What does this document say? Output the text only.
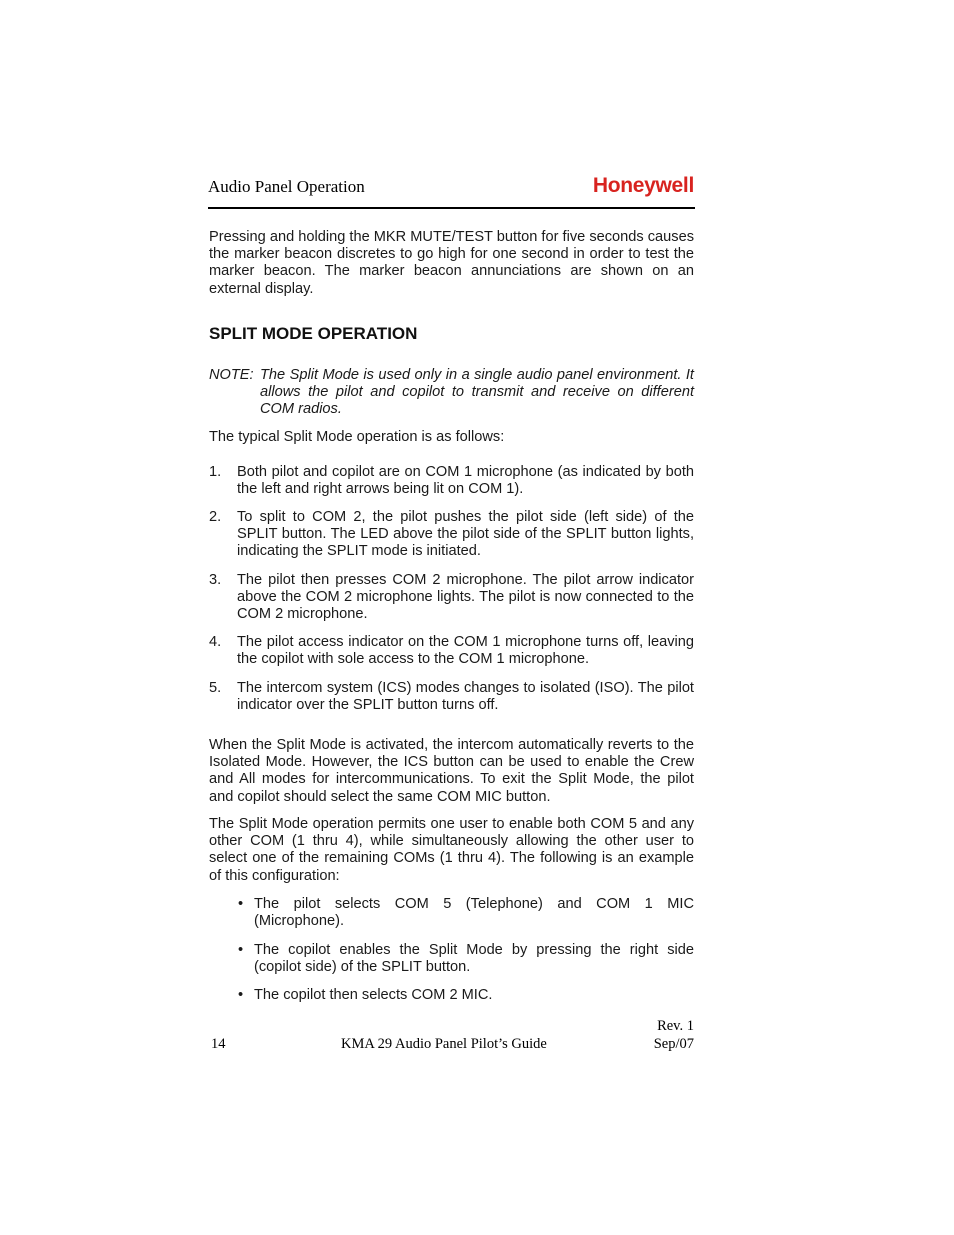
Audio Panel Operation	Honeywell

Pressing and holding the MKR MUTE/TEST button for five seconds causes the marker beacon discretes to go high for one second in order to test the marker beacon. The marker beacon annunciations are shown on an external display.

SPLIT MODE OPERATION
NOTE: The Split Mode is used only in a single audio panel environment. It allows the pilot and copilot to transmit and receive on different COM radios.

The typical Split Mode operation is as follows:

1. Both pilot and copilot are on COM 1 microphone (as indicated by both the left and right arrows being lit on COM 1).
2. To split to COM 2, the pilot pushes the pilot side (left side) of the SPLIT button. The LED above the pilot side of the SPLIT button lights, indicating the SPLIT mode is initiated.
3. The pilot then presses COM 2 microphone. The pilot arrow indicator above the COM 2 microphone lights. The pilot is now connected to the COM 2 microphone.
4. The pilot access indicator on the COM 1 microphone turns off, leaving the copilot with sole access to the COM 1 microphone.
5. The intercom system (ICS) modes changes to isolated (ISO). The pilot indicator over the SPLIT button turns off.

When the Split Mode is activated, the intercom automatically reverts to the Isolated Mode. However, the ICS button can be used to enable the Crew and All modes for intercommunications. To exit the Split Mode, the pilot and copilot should select the same COM MIC button.

The Split Mode operation permits one user to enable both COM 5 and any other COM (1 thru 4), while simultaneously allowing the other user to select one of the remaining COMs (1 thru 4). The following is an example of this configuration:

• The pilot selects COM 5 (Telephone) and COM 1 MIC (Microphone).
• The copilot enables the Split Mode by pressing the right side (copilot side) of the SPLIT button.
• The copilot then selects COM 2 MIC.
14	KMA 29 Audio Panel Pilot’s Guide
Rev. 1
Sep/07
